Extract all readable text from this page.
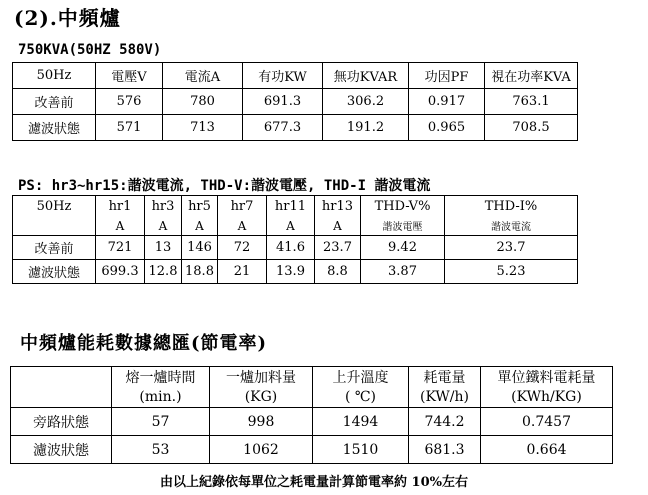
(2).中頻爐
750KVA(50HZ 580V)
50Hz	電壓V	電流A	有功KW	無功KVAR	功因PF	視在功率KVA
改善前	576	780	691.3	306.2	0.917	763.1
濾波狀態	571	713	677.3	191.2	0.965	708.5
PS: hr3~hr15:諧波電流, THD-V:諧波電壓, THD-I 諧波電流
50Hz	hr1	hr3	hr5	hr7	hr11	hr13	THD-V%	THD-I%
	A	A	A	A	A	A	諧波電壓	諧波電流
改善前	721	13	146	72	41.6	23.7	9.42	23.7
濾波狀態	699.3	12.8	18.8	21	13.9	8.8	3.87	5.23
中頻爐能耗數據總匯(節電率)
	熔一爐時間	一爐加料量	上升溫度	耗電量	單位鐵料電耗量
	(min.)	(KG)	( ℃)	(KW/h)	(KWh/KG)
旁路狀態	57	998	1494	744.2	0.7457
濾波狀態	53	1062	1510	681.3	0.664
由以上紀錄依每單位之耗電量計算節電率約 10%左右
